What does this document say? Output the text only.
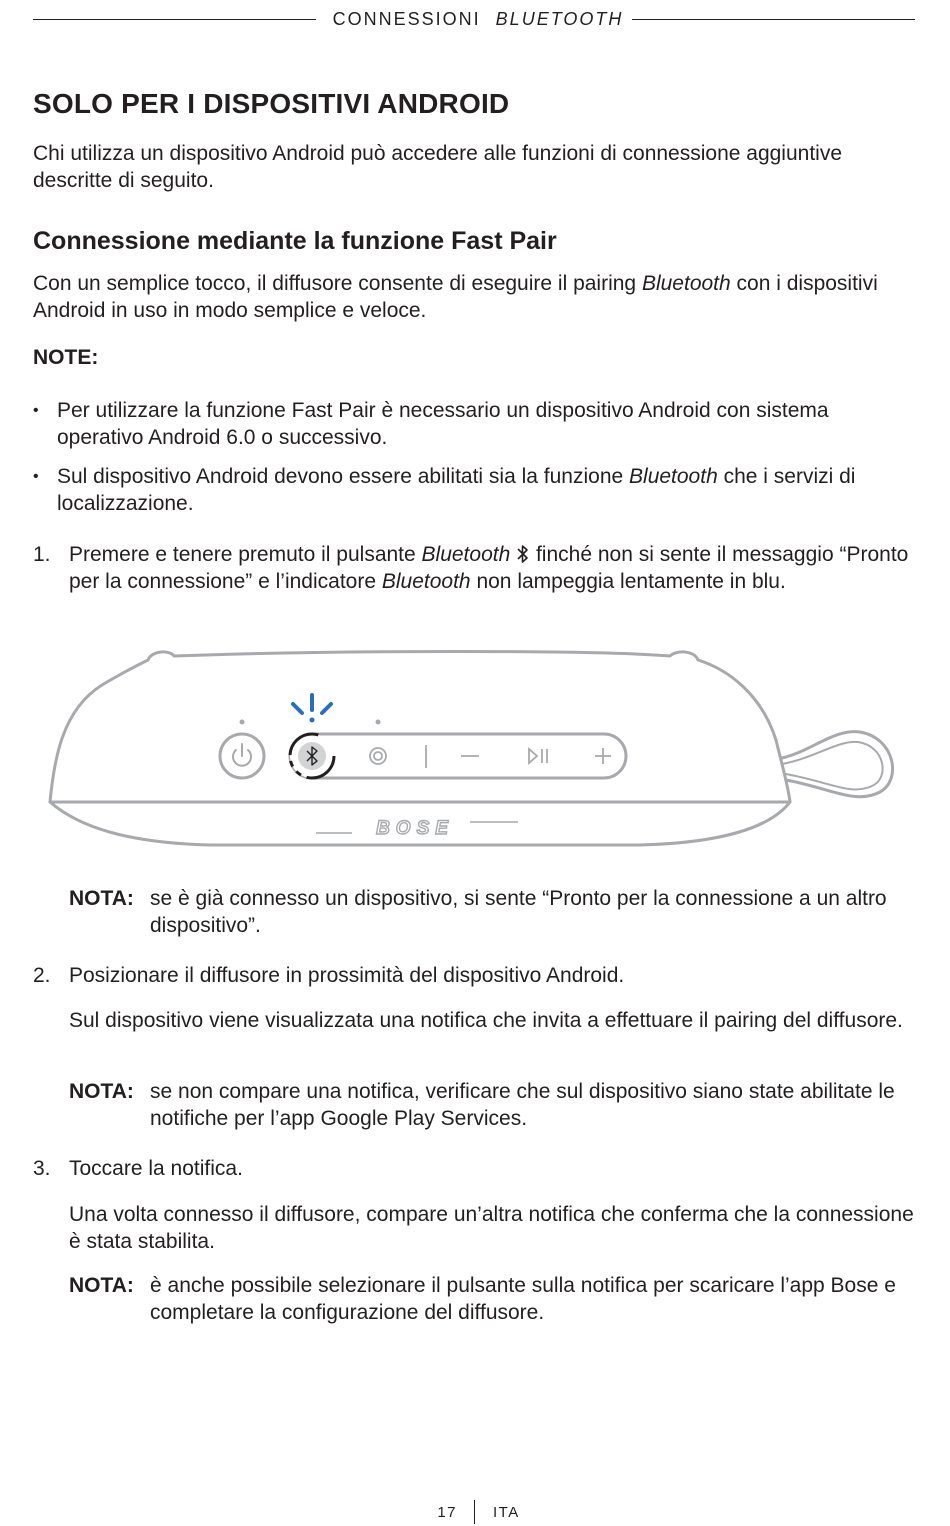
CONNESSIONI BLUETOOTH
SOLO PER I DISPOSITIVI ANDROID

Chi utilizza un dispositivo Android può accedere alle funzioni di connessione aggiuntive descritte di seguito.

Connessione mediante la funzione Fast Pair

Con un semplice tocco, il diffusore consente di eseguire il pairing Bluetooth con i dispositivi Android in uso in modo semplice e veloce.

NOTE:
• Per utilizzare la funzione Fast Pair è necessario un dispositivo Android con sistema operativo Android 6.0 o successivo.
• Sul dispositivo Android devono essere abilitati sia la funzione Bluetooth che i servizi di localizzazione.
1. Premere e tenere premuto il pulsante Bluetooth  finché non si sente il messaggio “Pronto per la connessione” e l’indicatore Bluetooth non lampeggia lentamente in blu.
BOSE
NOTA: se è già connesso un dispositivo, si sente “Pronto per la connessione a un altro dispositivo”.
2. Posizionare il diffusore in prossimità del dispositivo Android.
Sul dispositivo viene visualizzata una notifica che invita a effettuare il pairing del diffusore.
NOTA: se non compare una notifica, verificare che sul dispositivo siano state abilitate le notifiche per l’app Google Play Services.
3. Toccare la notifica.
Una volta connesso il diffusore, compare un’altra notifica che conferma che la connessione è stata stabilita.
NOTA: è anche possibile selezionare il pulsante sulla notifica per scaricare l’app Bose e completare la configurazione del diffusore.
17 ITA
